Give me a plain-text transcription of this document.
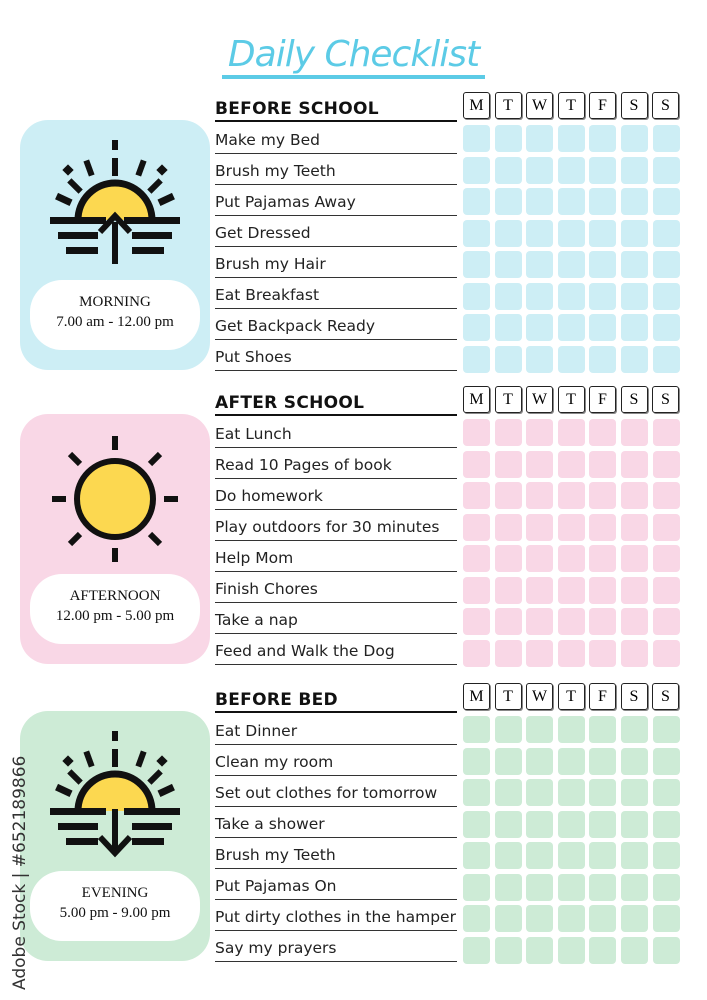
Daily Checklist
MORNING
7.00 am - 12.00 pm
BEFORE SCHOOL	M	T	W	T	F	S	S
Make my Bed
Brush my Teeth
Put Pajamas Away
Get Dressed
Brush my Hair
Eat Breakfast
Get Backpack Ready
Put Shoes
AFTERNOON
12.00 pm - 5.00 pm
AFTER SCHOOL	M	T	W	T	F	S	S
Eat Lunch
Read 10 Pages of book
Do homework
Play outdoors for 30 minutes
Help Mom
Finish Chores
Take a nap
Feed and Walk the Dog
EVENING
5.00 pm - 9.00 pm
BEFORE BED	M	T	W	T	F	S	S
Eat Dinner
Clean my room
Set out clothes for tomorrow
Take a shower
Brush my Teeth
Put Pajamas On
Put dirty clothes in the hamper
Say my prayers
Adobe Stock | #652189866
